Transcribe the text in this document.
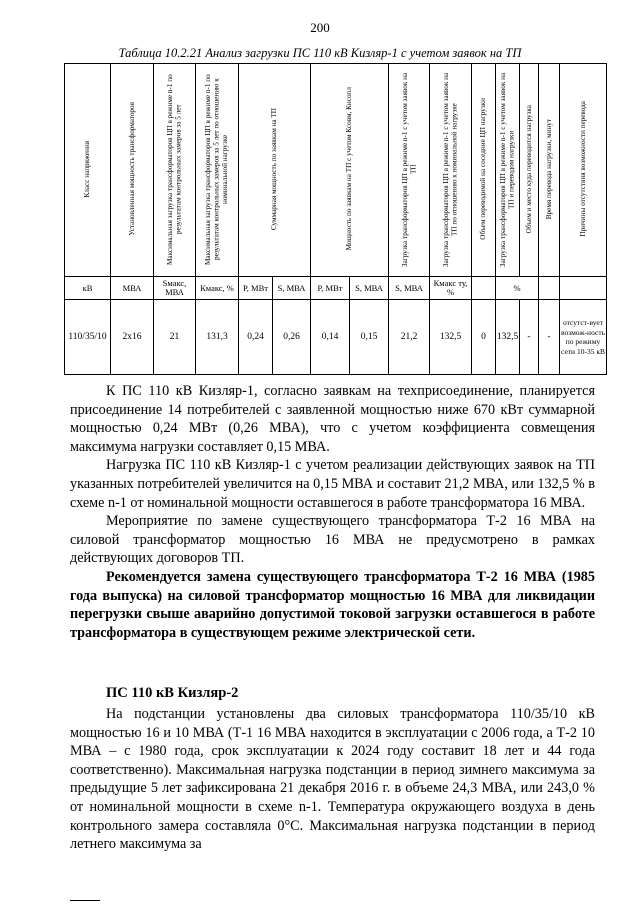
200
Таблица 10.2.21 Анализ загрузки ПС 110 кВ Кизляр-1 с учетом заявок на ТП
Класс напряжения	Установленная мощность трансформаторов	Максимальная загрузка трансформаторов ЦП в режиме n-1 по результатам контрольных замеров за 5 лет	Максимальная загрузка трансформаторов ЦП в режиме n-1 по результатам контрольных замеров за 5 лет по отношению к номинальной нагрузке	Суммарная мощность по заявкам на ТП		Мощность по заявкам на ТП с учетом Ксовм, Кисопл		Загрузка трансформаторов ЦП в режиме n-1 с учетом заявок на ТП	Загрузка трансформаторов ЦП в режиме n-1 с учетом заявок на ТП по отношению к номинальной нагрузке	Объем переводимой на соседние ЦП нагрузки	Загрузка трансформаторов ЦП в режиме n-1 с учетом заявок на ТП и переводом нагрузки	Объем и место куда переводится нагрузка	Время перевода нагрузки, минут	Причины отсутствия возможности перевода
кВ	МВА	Sмакс, МВА	Кмакс, %	P, МВт	S, МВА	P, МВт	S, МВА	S, МВА	Кмакс ту, %		%			
110/35/10	2х16	21	131,3	0,24	0,26	0,14	0,15	21,2	132,5	0	132,5	-	-	отсутст-вует возмож-ность по режиму сети 10-35 кВ

К ПС 110 кВ Кизляр-1, согласно заявкам на техприсоединение, планируется присоединение 14 потребителей с заявленной мощностью ниже 670 кВт суммарной мощностью 0,24 МВт (0,26 МВА), что с учетом коэффициента совмещения максимума нагрузки составляет 0,15 МВА.

Нагрузка ПС 110 кВ Кизляр-1 с учетом реализации действующих заявок на ТП указанных потребителей увеличится на 0,15 МВА и составит 21,2 МВА, или 132,5 % в схеме n-1 от номинальной мощности оставшегося в работе трансформатора 16 МВА.

Мероприятие по замене существующего трансформатора Т-2 16 МВА на силовой трансформатор мощностью 16 МВА не предусмотрено в рамках действующих договоров ТП.

Рекомендуется замена существующего трансформатора Т-2 16 МВА (1985 года выпуска) на силовой трансформатор мощностью 16 МВА для ликвидации перегрузки свыше аварийно допустимой токовой загрузки оставшегося в работе трансформатора в существующем режиме электрической сети.

ПС 110 кВ Кизляр-2

На подстанции установлены два силовых трансформатора 110/35/10 кВ мощностью 16 и 10 МВА (Т-1 16 МВА находится в эксплуатации с 2006 года, а Т-2 10 МВА – с 1980 года, срок эксплуатации к 2024 году составит 18 лет и 44 года соответственно). Максимальная нагрузка подстанции в период зимнего максимума за предыдущие 5 лет зафиксирована 21 декабря 2016 г. в объеме 24,3 МВА, или 243,0 % от номинальной мощности в схеме n-1. Температура окружающего воздуха в день контрольного замера составляла 0°С. Максимальная нагрузка подстанции в период летнего максимума за
